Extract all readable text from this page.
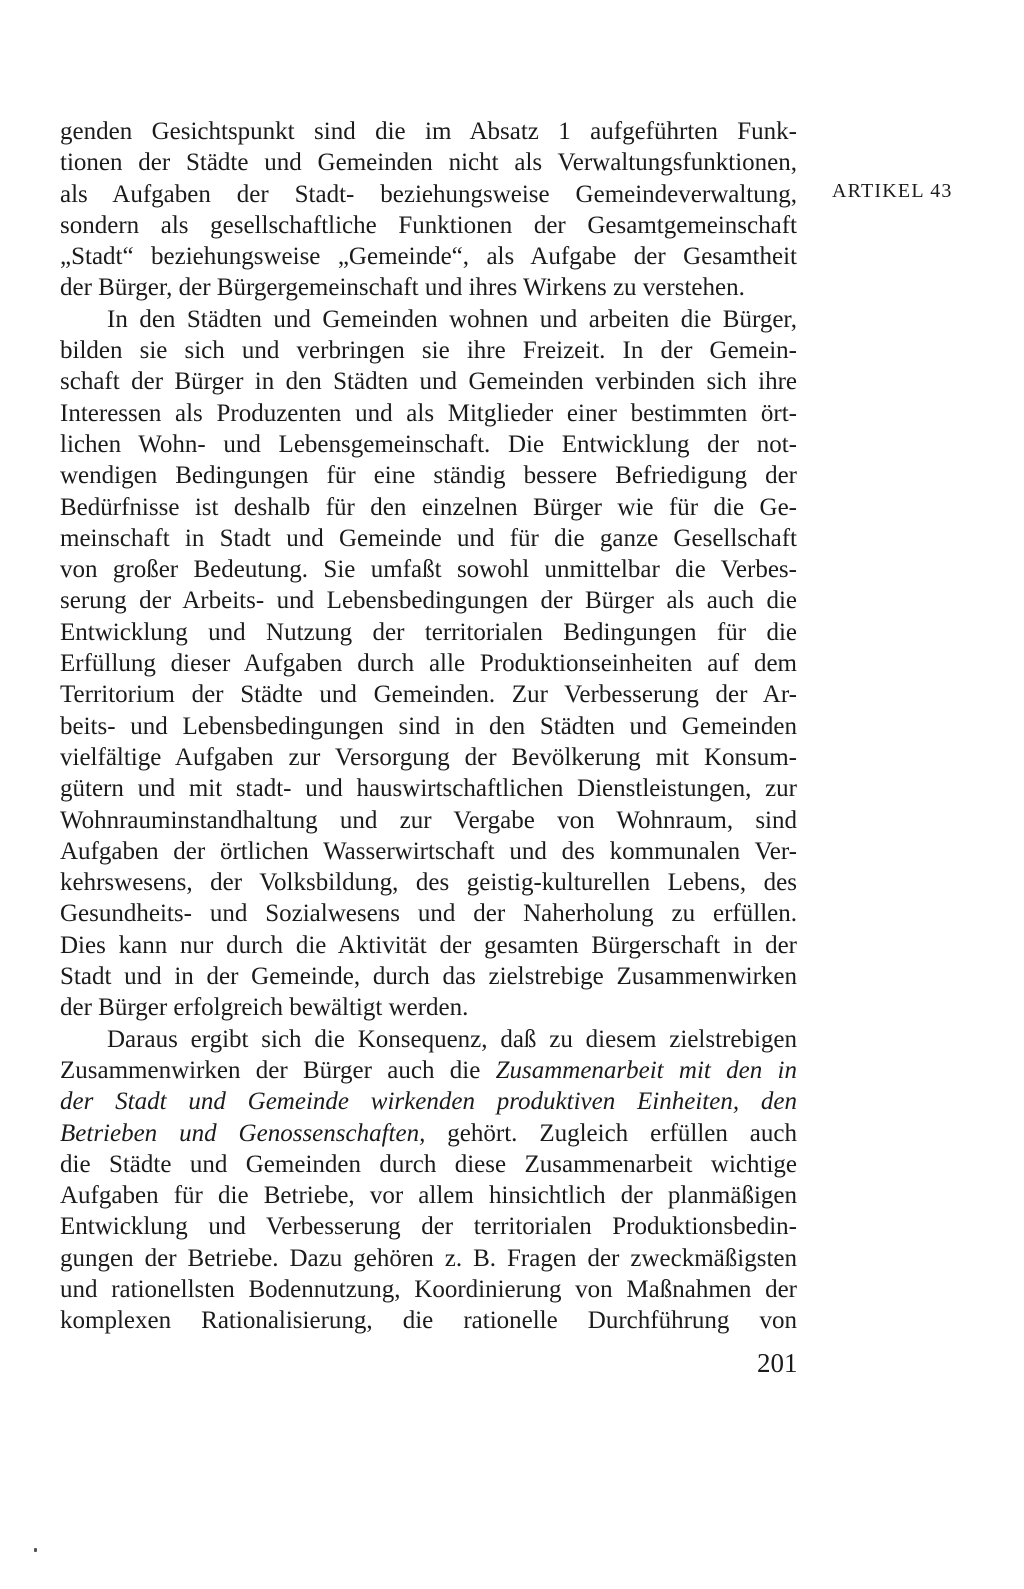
genden Gesichtspunkt sind die im Absatz 1 aufgeführten Funk-
tionen der Städte und Gemeinden nicht als Verwaltungsfunktionen,
als Aufgaben der Stadt- beziehungsweise Gemeindeverwaltung,
sondern als gesellschaftliche Funktionen der Gesamtgemeinschaft
„Stadt“ beziehungsweise „Gemeinde“, als Aufgabe der Gesamtheit
der Bürger, der Bürgergemeinschaft und ihres Wirkens zu verstehen.
In den Städten und Gemeinden wohnen und arbeiten die Bürger,
bilden sie sich und verbringen sie ihre Freizeit. In der Gemein-
schaft der Bürger in den Städten und Gemeinden verbinden sich ihre
Interessen als Produzenten und als Mitglieder einer bestimmten ört-
lichen Wohn- und Lebensgemeinschaft. Die Entwicklung der not-
wendigen Bedingungen für eine ständig bessere Befriedigung der
Bedürfnisse ist deshalb für den einzelnen Bürger wie für die Ge-
meinschaft in Stadt und Gemeinde und für die ganze Gesellschaft
von großer Bedeutung. Sie umfaßt sowohl unmittelbar die Verbes-
serung der Arbeits- und Lebensbedingungen der Bürger als auch die
Entwicklung und Nutzung der territorialen Bedingungen für die
Erfüllung dieser Aufgaben durch alle Produktionseinheiten auf dem
Territorium der Städte und Gemeinden. Zur Verbesserung der Ar-
beits- und Lebensbedingungen sind in den Städten und Gemeinden
vielfältige Aufgaben zur Versorgung der Bevölkerung mit Konsum-
gütern und mit stadt- und hauswirtschaftlichen Dienstleistungen, zur
Wohnrauminstandhaltung und zur Vergabe von Wohnraum, sind
Aufgaben der örtlichen Wasserwirtschaft und des kommunalen Ver-
kehrswesens, der Volksbildung, des geistig-kulturellen Lebens, des
Gesundheits- und Sozialwesens und der Naherholung zu erfüllen.
Dies kann nur durch die Aktivität der gesamten Bürgerschaft in der
Stadt und in der Gemeinde, durch das zielstrebige Zusammenwirken
der Bürger erfolgreich bewältigt werden.
Daraus ergibt sich die Konsequenz, daß zu diesem zielstrebigen
Zusammenwirken der Bürger auch die Zusammenarbeit mit den in
der Stadt und Gemeinde wirkenden produktiven Einheiten, den
Betrieben und Genossenschaften, gehört. Zugleich erfüllen auch
die Städte und Gemeinden durch diese Zusammenarbeit wichtige
Aufgaben für die Betriebe, vor allem hinsichtlich der planmäßigen
Entwicklung und Verbesserung der territorialen Produktionsbedin-
gungen der Betriebe. Dazu gehören z. B. Fragen der zweckmäßigsten
und rationellsten Bodennutzung, Koordinierung von Maßnahmen der
komplexen Rationalisierung, die rationelle Durchführung von
ARTIKEL 43
201
